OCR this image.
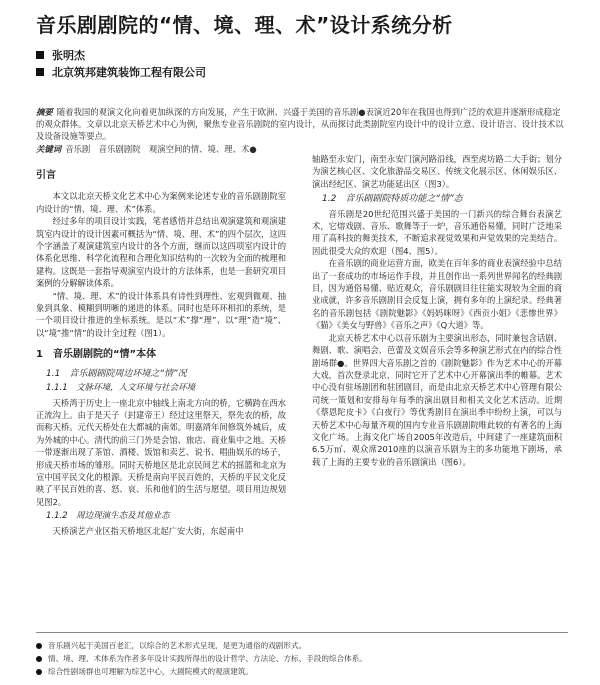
音乐剧剧院的“情、境、理、术”设计系统分析
张明杰
北京筑邦建筑装饰工程有限公司

摘要 随着我国的观演文化向着更加纵深的方向发展，产生于欧洲、兴盛于美国的音乐剧●表演近20年在我国也得到广泛的欢迎并逐渐形成稳定的观众群体。文章以北京天桥艺术中心为例，聚焦专业音乐剧院的室内设计，从而探讨此类剧院室内设计中的设计立意、设计语言、设计技术以及设备设施等要点。

关键词 音乐剧　音乐剧剧院　观演空间的情、境、理、术●

引言

本文以北京天桥文化艺术中心为案例来论述专业的音乐剧剧院室内设计的“情、境、理、术”体系。

经过多年的项目设计实践，笔者感悟并总结出观演建筑和观演建筑室内设计的设计因素可概括为“情、境、理、术”的四个层次，这四个字涵盖了观演建筑室内设计的各个方面，继而以这四项室内设计的体系化思维、科学化流程和合理化知识结构的一次较为全面的梳理和建构。这既是一套指导观演室内设计的方法体系，也是一套研究项目案例的分解解读体系。

“情、境、理、术”的设计体系具有诗性到理性、宏观到微观、抽象到具象、模糊到明晰的递进的体系。同时也是环环相扣的系统，是一个项目设计推进的坐标系统。是以“术”撑“理”、以“理”造“境”、以“境”推“情”的设计全过程（图1）。

1　音乐剧剧院的“情”本体
1.1　音乐剧剧院周边环境之“情”况
1.1.1　文脉环境，人文环境与社会环境

天桥湾于历史上一座北京中轴线上南北方向的桥，它横跨在西水正流沟上。由于是天子（封建帝王）经过这里祭天，祭先农的桥，故而称天桥。元代天桥处在大都城的南郊。明嘉靖年间修筑外城后，成为外城的中心。清代的前三门外是会馆、旅店、商业集中之地。天桥一带逐渐出现了茶馆、酒楼、饭馆和卖艺、说书、唱曲娱乐的场子，形成天桥市场的雏形。同时天桥地区是北京民间艺术的摇篮和北京为宣中国平民文化的根源。天桥是南向平民百姓的，天桥的平民文化反映了平民百姓的喜、怒、哀、乐和他们的生活与愿望。项目用边规划见图2。

1.1.2　周边现演生态及其他业态

天桥演艺产业区指天桥地区北起广安大街，东起南中

轴路至永安门，南至永安门演河路沿线，西至虎坊路二大手街；划分为演艺核心区、文化旅游品交易区、传统文化展示区、休闲娱乐区、演出经纪区、演艺功能延出区（图3）。

1.2　音乐剧剧院特质功能之“情”态

音乐剧是20世纪范围兴盛于美国的一门新兴的综合舞台表演艺术，它熔戏剧、音乐、歌舞等于一炉，音乐通俗易懂，同时广泛地采用了高科技的舞美技术，不断追求视觉效果和声觉效果的完美结合。因此很受大众的欢迎（图4、图5）。

在音乐剧的商业运营方面，欧美在百年多的商业表演经验中总结出了一套成功的市场运作手段，并且创作出一系列世界闻名的经典剧目，因为通俗易懂、贴近观众，音乐剧剧目往往能实现较为全面的商业成就，许多音乐剧剧目会反复上演，拥有多年的上演纪录。经典著名的音乐剧包括《剧院魅影》《妈妈咪呀》《西贡小姐》《悲惨世界》《猫》《美女与野兽》《音乐之声》《Q大道》等。

北京天桥艺术中心以音乐剧为主要演出形态，同时兼包含话剧、舞剧、歌、演唱会、芭蕾及文娱音乐会等多种演艺形式在内的综合性剧场群●。世界四大音乐剧之首的《剧院魅影》作为艺术中心的开幕大戏，首次登录北京，同时它开了艺术中心开幕演出季的帷幕。艺术中心没有驻场剧团和驻团剧目，而是由北京天桥艺术中心管理有限公司统一策划和安排每年每季的演出剧目和相关文化艺术活动。近期《蔡恩陀皮卡》《白夜行》等优秀剧目在演出季中纷纷上演，可以与天桥艺术中心每量齐观的国内专业音乐剧剧院唯此较的有著名的上海文化广场。上海文化广场自2005年改造后，中间建了一座建筑面积6.5万㎡、观众席2010座的以演音乐剧为主的多功能地下剧场，承载了上海的主要专业的音乐剧演出（图6）。

音乐剧兴起于美国百老汇，以综合的艺术形式呈现，是更为通俗的戏剧形式。
情、境、理、术体系为作者多年设计实践所得出的设计哲学、方法论、方标、手段的综合体系。
综合性剧场群也可理解为综艺中心，大剧院模式的观演建筑。
